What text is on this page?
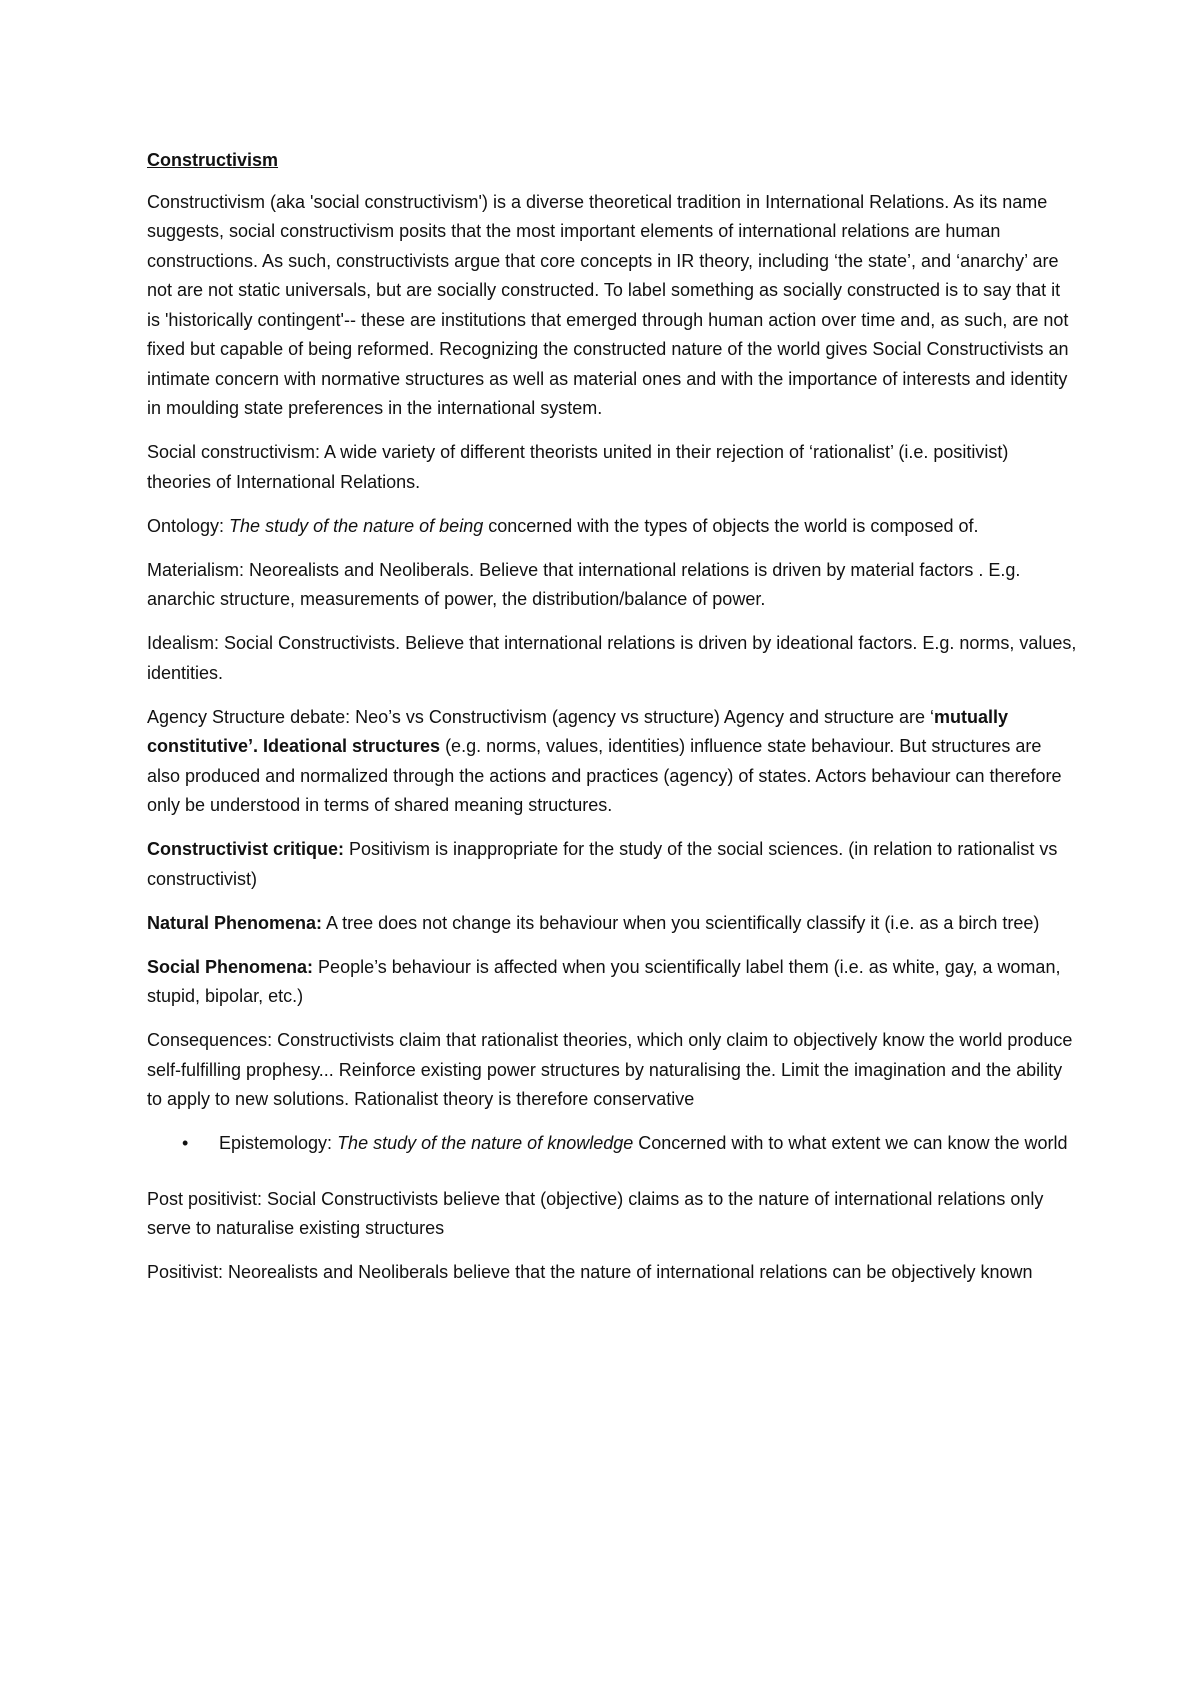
Constructivism

Constructivism (aka 'social constructivism') is a diverse theoretical tradition in International Relations. As its name suggests, social constructivism posits that the most important elements of international relations are human constructions. As such, constructivists argue that core concepts in IR theory, including ‘the state’, and ‘anarchy’ are not are not static universals, but are socially constructed. To label something as socially constructed is to say that it is 'historically contingent'-- these are institutions that emerged through human action over time and, as such, are not fixed but capable of being reformed. Recognizing the constructed nature of the world gives Social Constructivists an intimate concern with normative structures as well as material ones and with the importance of interests and identity in moulding state preferences in the international system.

Social constructivism: A wide variety of different theorists united in their rejection of ‘rationalist’ (i.e. positivist) theories of International Relations.

Ontology: The study of the nature of being concerned with the types of objects the world is composed of.

Materialism: Neorealists and Neoliberals. Believe that international relations is driven by material factors . E.g. anarchic structure, measurements of power, the distribution/balance of power.

Idealism: Social Constructivists. Believe that international relations is driven by ideational factors. E.g. norms, values, identities.

Agency Structure debate: Neo’s vs Constructivism (agency vs structure) Agency and structure are ‘mutually constitutive’. Ideational structures (e.g. norms, values, identities) influence state behaviour. But structures are also produced and normalized through the actions and practices (agency) of states. Actors behaviour can therefore only be understood in terms of shared meaning structures.

Constructivist critique: Positivism is inappropriate for the study of the social sciences. (in relation to rationalist vs constructivist)

Natural Phenomena: A tree does not change its behaviour when you scientifically classify it (i.e. as a birch tree)

Social Phenomena: People’s behaviour is affected when you scientifically label them (i.e. as white, gay, a woman, stupid, bipolar, etc.)

Consequences: Constructivists claim that rationalist theories, which only claim to objectively know the world produce self-fulfilling prophesy... Reinforce existing power structures by naturalising the. Limit the imagination and the ability to apply to new solutions. Rationalist theory is therefore conservative

• Epistemology: The study of the nature of knowledge Concerned with to what extent we can know the world

Post positivist: Social Constructivists believe that (objective) claims as to the nature of international relations only serve to naturalise existing structures

Positivist: Neorealists and Neoliberals believe that the nature of international relations can be objectively known
